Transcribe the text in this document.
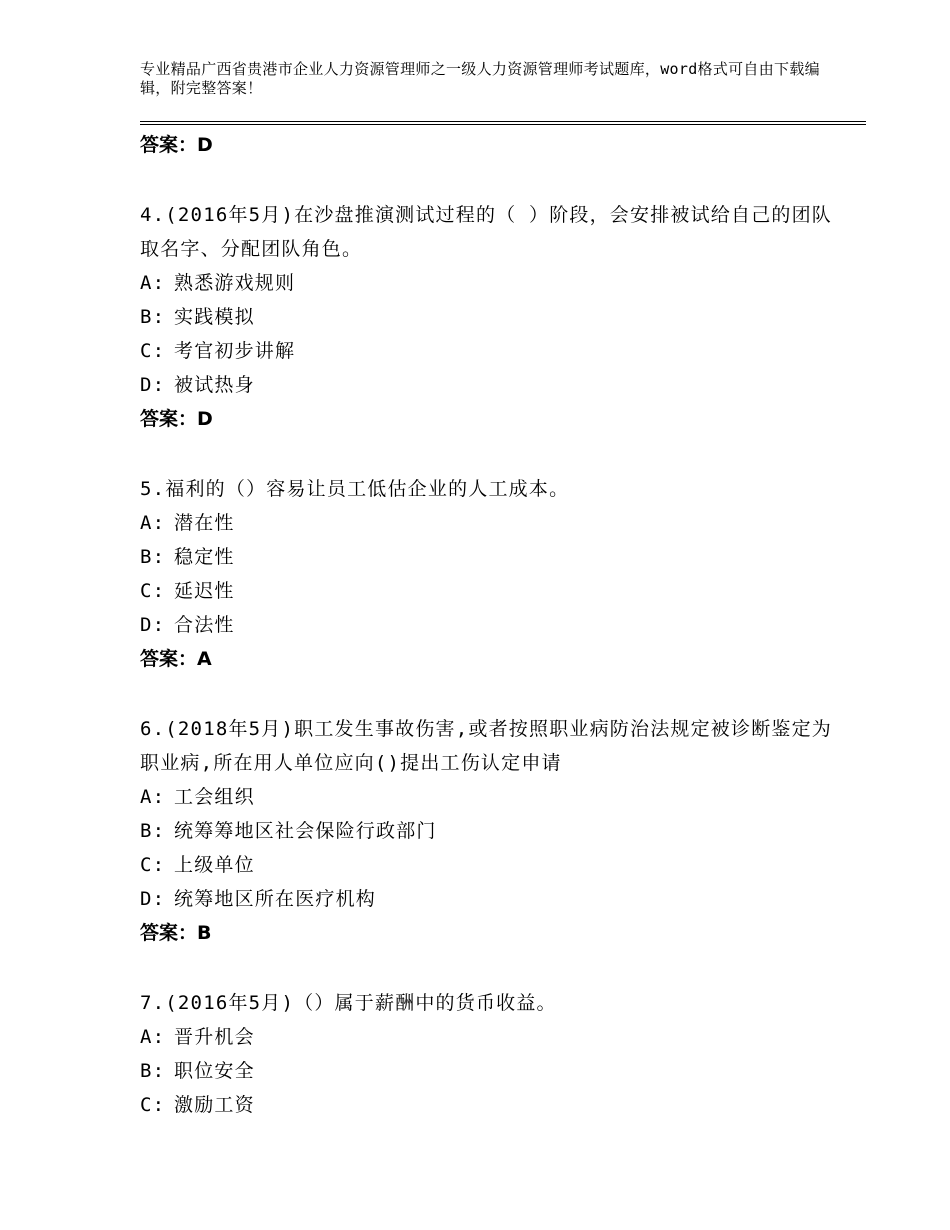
专业精品广西省贵港市企业人力资源管理师之一级人力资源管理师考试题库，word格式可自由下载编辑，附完整答案！
答案：D
4.(2016年5月)在沙盘推演测试过程的（ ）阶段，会安排被试给自己的团队取名字、分配团队角色。
A: 熟悉游戏规则
B: 实践模拟
C: 考官初步讲解
D: 被试热身
答案：D
5.福利的（）容易让员工低估企业的人工成本。
A: 潜在性
B: 稳定性
C: 延迟性
D: 合法性
答案：A
6.(2018年5月)职工发生事故伤害,或者按照职业病防治法规定被诊断鉴定为职业病,所在用人单位应向()提出工伤认定申请
A: 工会组织
B: 统筹筹地区社会保险行政部门
C: 上级单位
D: 统筹地区所在医疗机构
答案：B
7.(2016年5月)（）属于薪酬中的货币收益。
A: 晋升机会
B: 职位安全
C: 激励工资
